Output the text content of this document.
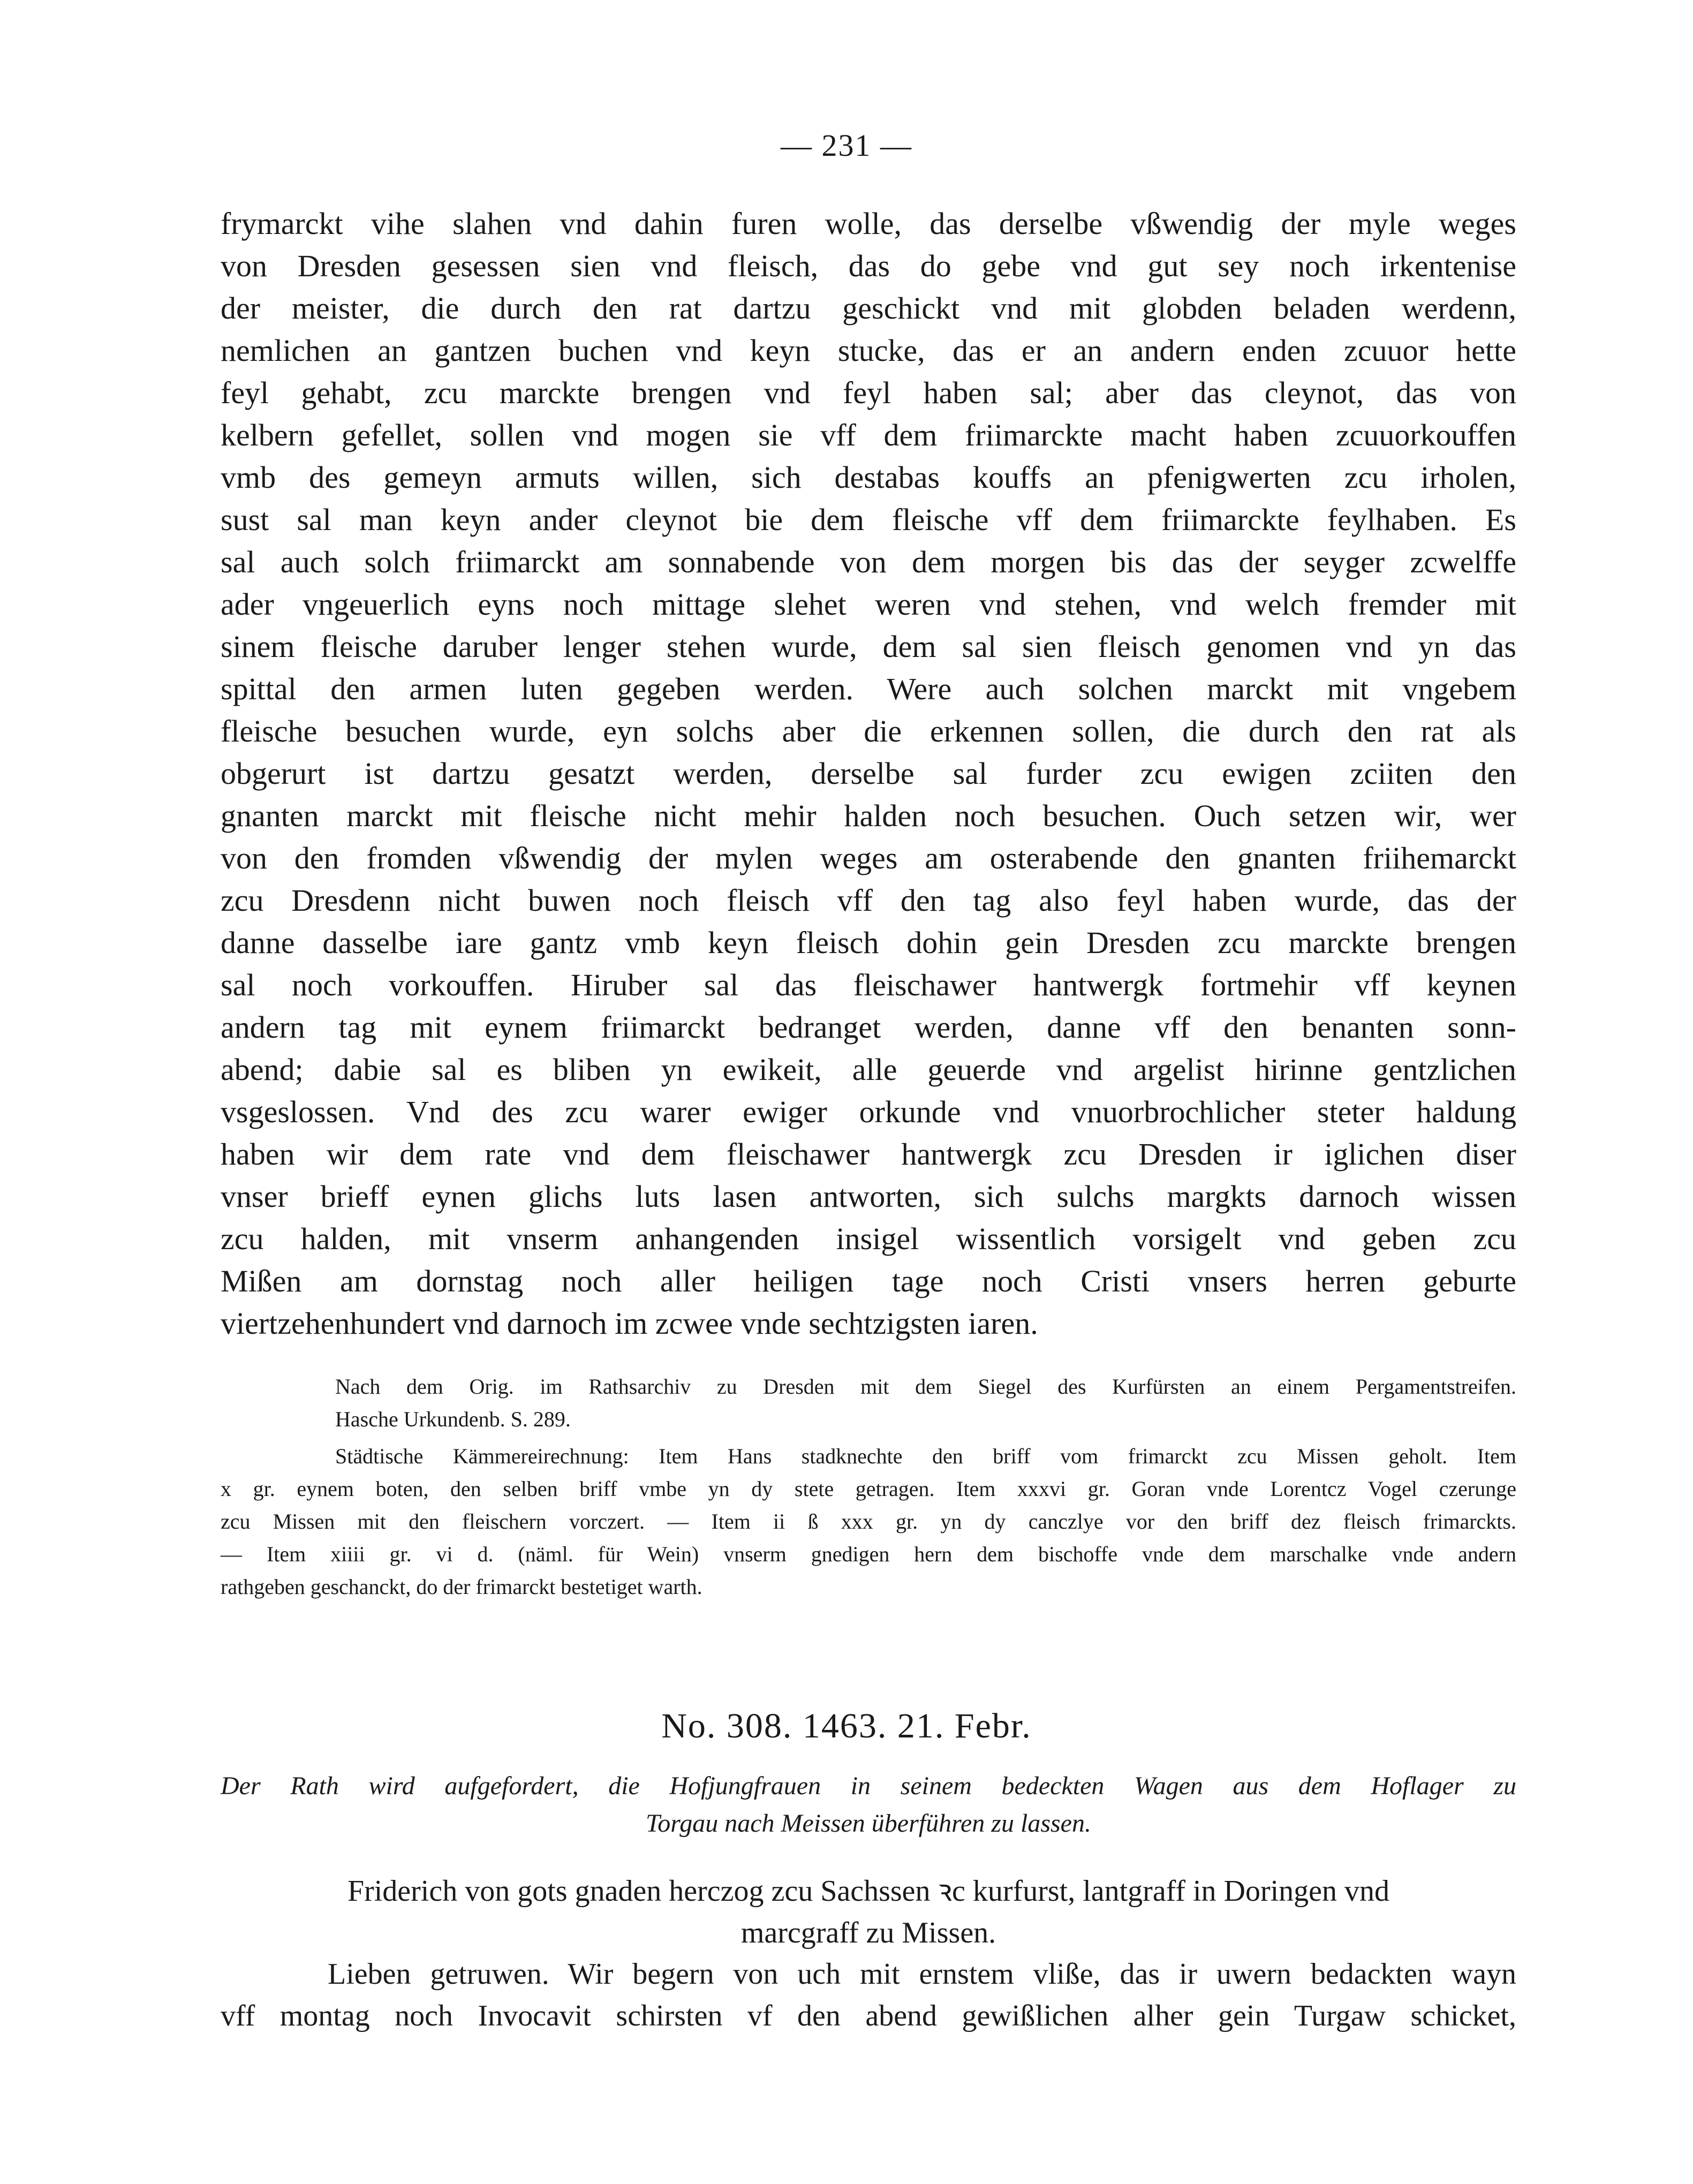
— 231 —
frymarckt vihe slahen vnd dahin furen wolle, das derselbe vßwendig der myle weges
von Dresden gesessen sien vnd fleisch, das do gebe vnd gut sey noch irkentenise
der meister, die durch den rat dartzu geschickt vnd mit globden beladen werdenn,
nemlichen an gantzen buchen vnd keyn stucke, das er an andern enden zcuuor hette
feyl gehabt, zcu marckte brengen vnd feyl haben sal; aber das cleynot, das von
kelbern gefellet, sollen vnd mogen sie vff dem friimarckte macht haben zcuuorkouffen
vmb des gemeyn armuts willen, sich destabas kouffs an pfenigwerten zcu irholen,
sust sal man keyn ander cleynot bie dem fleische vff dem friimarckte feylhaben. Es
sal auch solch friimarckt am sonnabende von dem morgen bis das der seyger zcwelffe
ader vngeuerlich eyns noch mittage slehet weren vnd stehen, vnd welch fremder mit
sinem fleische daruber lenger stehen wurde, dem sal sien fleisch genomen vnd yn das
spittal den armen luten gegeben werden. Were auch solchen marckt mit vngebem
fleische besuchen wurde, eyn solchs aber die erkennen sollen, die durch den rat als
obgerurt ist dartzu gesatzt werden, derselbe sal furder zcu ewigen zciiten den
gnanten marckt mit fleische nicht mehir halden noch besuchen. Ouch setzen wir, wer
von den fromden vßwendig der mylen weges am osterabende den gnanten friihemarckt
zcu Dresdenn nicht buwen noch fleisch vff den tag also feyl haben wurde, das der
danne dasselbe iare gantz vmb keyn fleisch dohin gein Dresden zcu marckte brengen
sal noch vorkouffen. Hiruber sal das fleischawer hantwergk fortmehir vff keynen
andern tag mit eynem friimarckt bedranget werden, danne vff den benanten sonn-
abend; dabie sal es bliben yn ewikeit, alle geuerde vnd argelist hirinne gentzlichen
vsgeslossen. Vnd des zcu warer ewiger orkunde vnd vnuorbrochlicher steter haldung
haben wir dem rate vnd dem fleischawer hantwergk zcu Dresden ir iglichen diser
vnser brieff eynen glichs luts lasen antworten, sich sulchs margkts darnoch wissen
zcu halden, mit vnserm anhangenden insigel wissentlich vorsigelt vnd geben zcu
Mißen am dornstag noch aller heiligen tage noch Cristi vnsers herren geburte
viertzehenhundert vnd darnoch im zcwee vnde sechtzigsten iaren.
Nach dem Orig. im Rathsarchiv zu Dresden mit dem Siegel des Kurfürsten an einem Pergamentstreifen.
Hasche Urkundenb. S. 289.
Städtische Kämmereirechnung: Item Hans stadknechte den briff vom frimarckt zcu Missen geholt. Item
x gr. eynem boten, den selben briff vmbe yn dy stete getragen. Item xxxvi gr. Goran vnde Lorentcz Vogel czerunge
zcu Missen mit den fleischern vorczert. — Item ii ß xxx gr. yn dy canczlye vor den briff dez fleisch frimarckts.
— Item xiiii gr. vi d. (näml. für Wein) vnserm gnedigen hern dem bischoffe vnde dem marschalke vnde andern
rathgeben geschanckt, do der frimarckt bestetiget warth.
No. 308. 1463. 21. Febr.
Der Rath wird aufgefordert, die Hofjungfrauen in seinem bedeckten Wagen aus dem Hoflager zu
Torgau nach Meissen überführen zu lassen.
Friderich von gots gnaden herczog zcu Sachssen ꝛc kurfurst, lantgraff in Doringen vnd
marcgraff zu Missen.
Lieben getruwen. Wir begern von uch mit ernstem vliße, das ir uwern bedackten wayn
vff montag noch Invocavit schirsten vf den abend gewißlichen alher gein Turgaw schicket,
